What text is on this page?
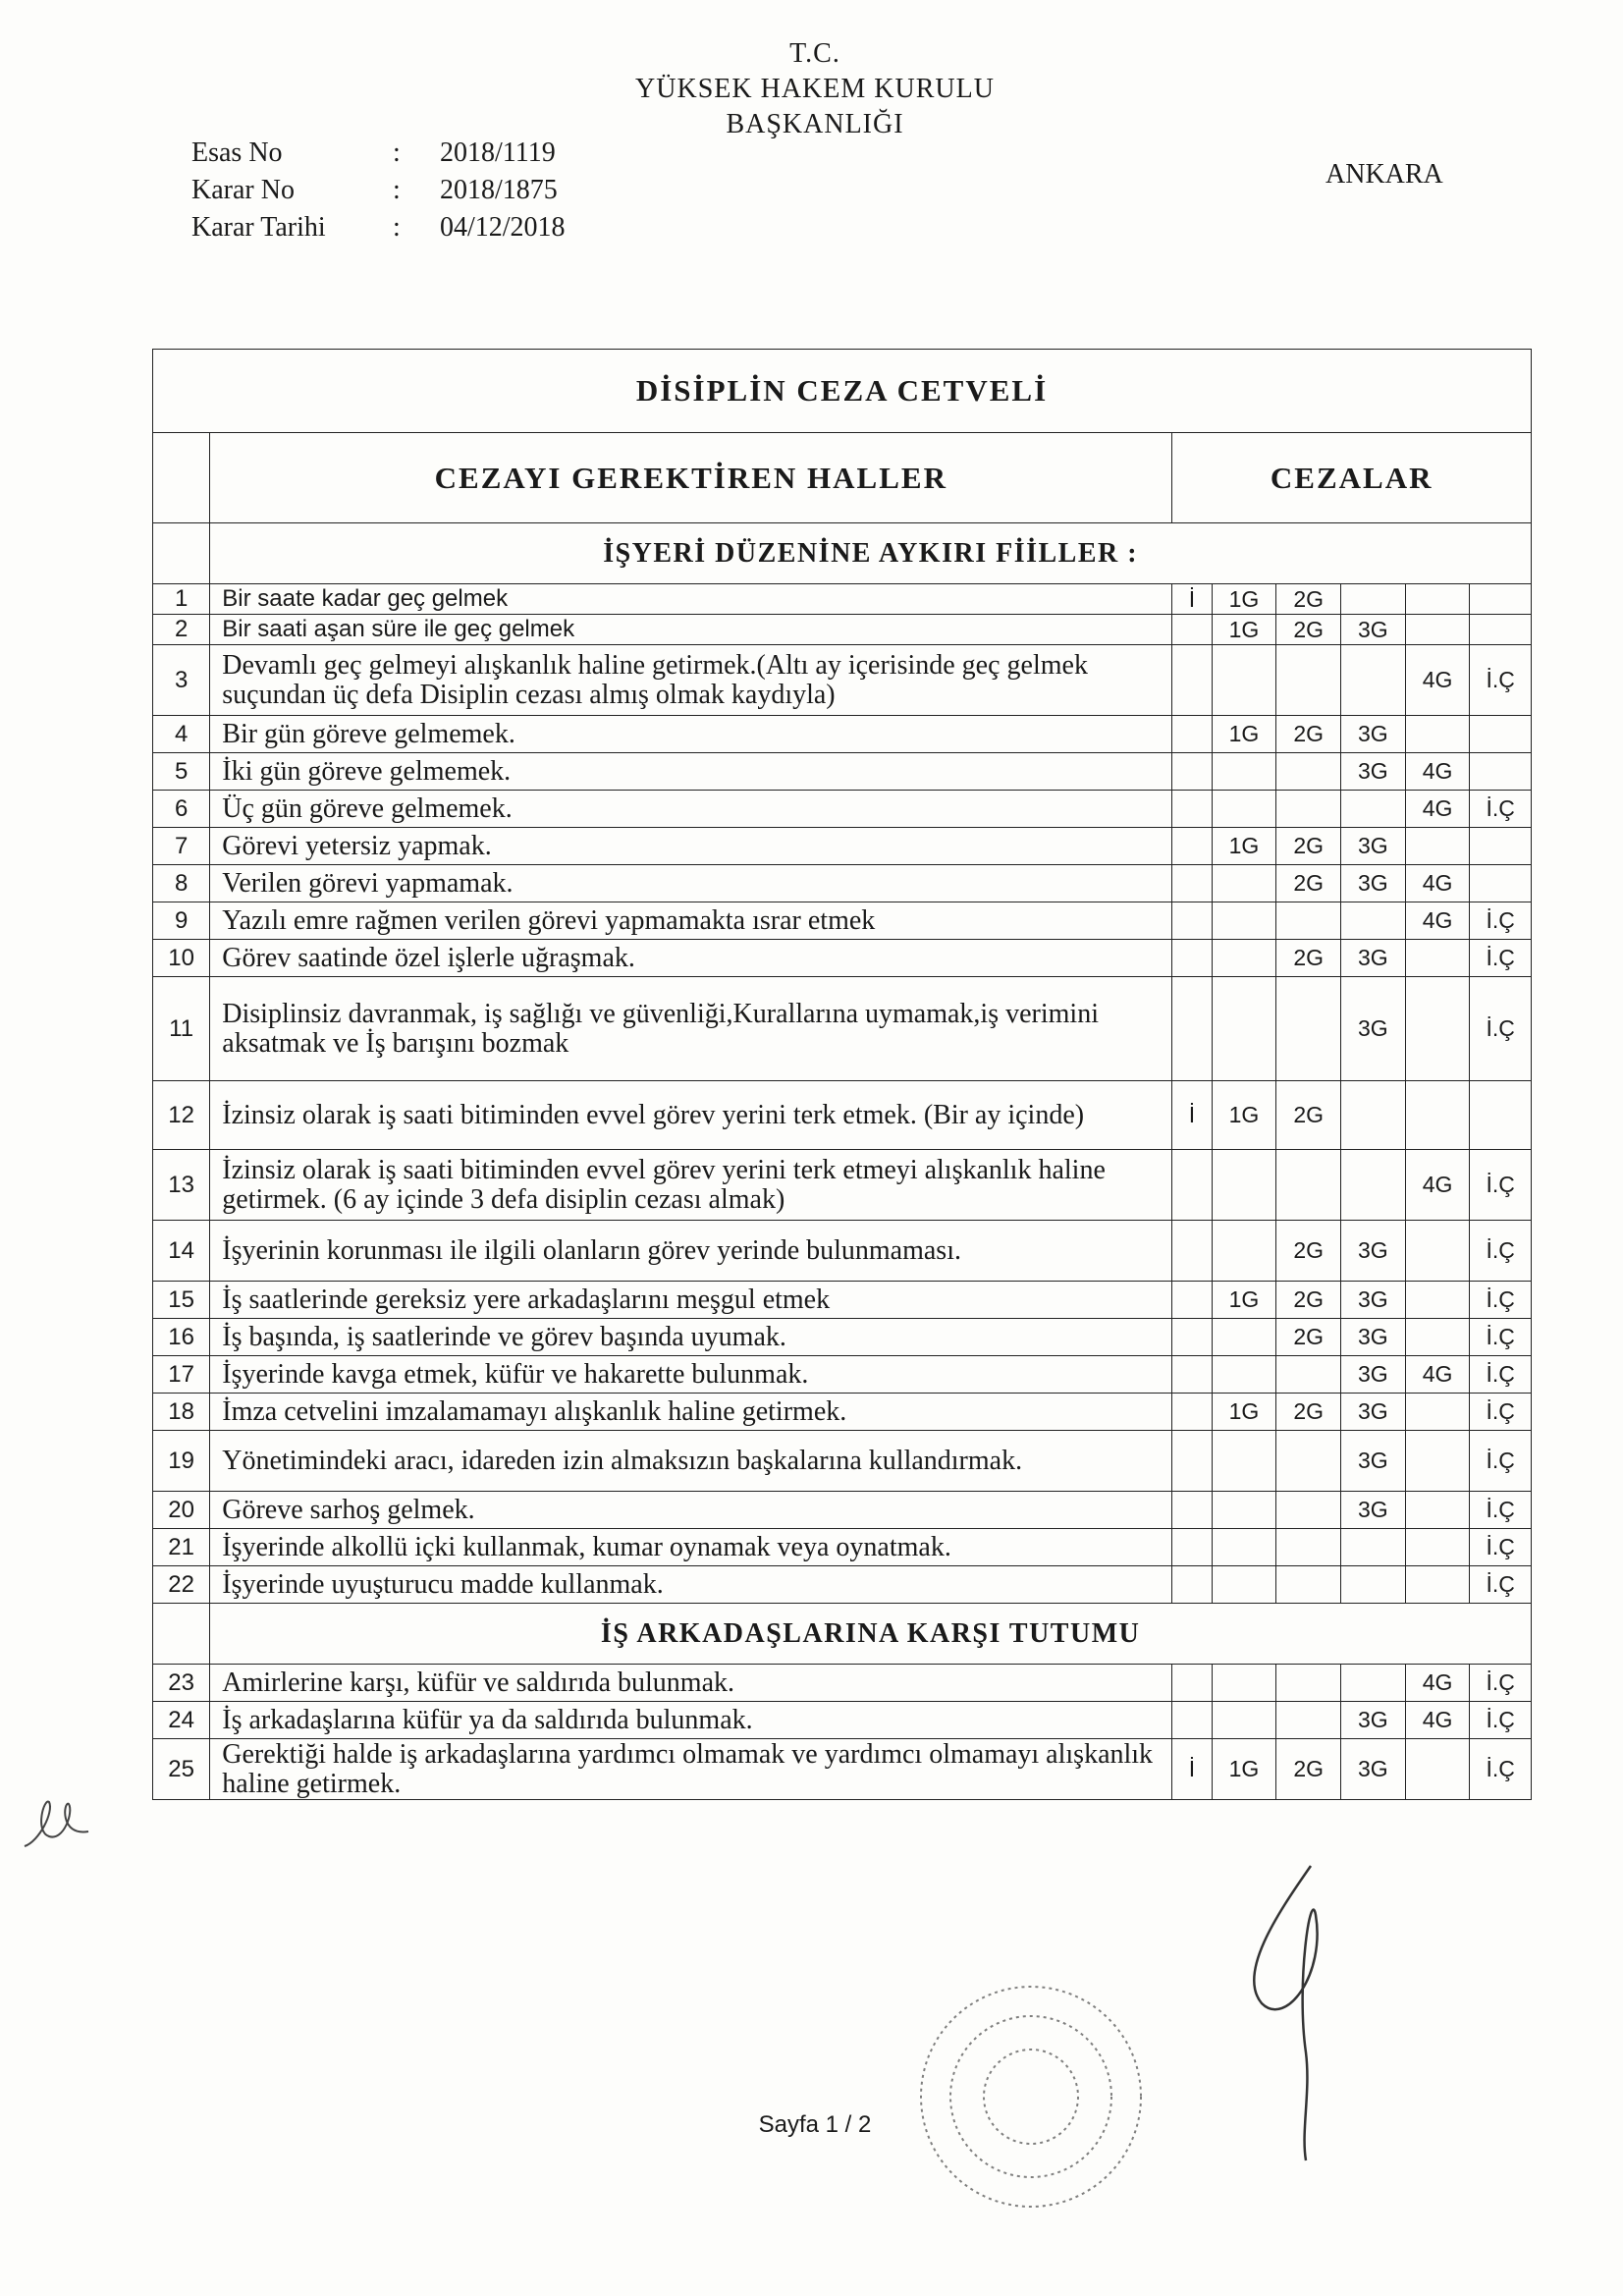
T.C.
YÜKSEK HAKEM KURULU
BAŞKANLIĞI
Esas No	: 2018/1119
Karar No	: 2018/1875
Karar Tarihi : 04/12/2018
ANKARA
DİSİPLİN CEZA CETVELİ							
	CEZAYI GEREKTİREN HALLER	CEZALAR					
	İŞYERİ DÜZENİNE AYKIRI FİİLLER :						
1	Bir saate kadar geç gelmek	İ	1G	2G			
2	Bir saati aşan süre ile geç gelmek		1G	2G	3G		
3	Devamlı geç gelmeyi alışkanlık haline getirmek.(Altı ay içerisinde geç gelmek suçundan üç defa Disiplin cezası almış olmak kaydıyla)					4G	İ.Ç
4	Bir gün göreve gelmemek.		1G	2G	3G		
5	İki gün göreve gelmemek.				3G	4G	
6	Üç gün göreve gelmemek.					4G	İ.Ç
7	Görevi yetersiz yapmak.		1G	2G	3G		
8	Verilen görevi yapmamak.			2G	3G	4G	
9	Yazılı emre rağmen verilen görevi yapmamakta ısrar etmek					4G	İ.Ç
10	Görev saatinde özel işlerle uğraşmak.			2G	3G		İ.Ç
11	Disiplinsiz davranmak, iş sağlığı ve güvenliği,Kurallarına uymamak,iş verimini aksatmak ve İş barışını bozmak				3G		İ.Ç
12	İzinsiz olarak iş saati bitiminden evvel görev yerini terk etmek. (Bir ay içinde)	İ	1G	2G			
13	İzinsiz olarak iş saati bitiminden evvel görev yerini terk etmeyi alışkanlık haline getirmek. (6 ay içinde 3 defa disiplin cezası almak)					4G	İ.Ç
14	İşyerinin korunması ile ilgili olanların görev yerinde bulunmaması.			2G	3G		İ.Ç
15	İş saatlerinde gereksiz yere arkadaşlarını meşgul etmek		1G	2G	3G		İ.Ç
16	İş başında, iş saatlerinde ve görev başında uyumak.			2G	3G		İ.Ç
17	İşyerinde kavga etmek, küfür ve hakarette bulunmak.				3G	4G	İ.Ç
18	İmza cetvelini imzalamamayı alışkanlık haline getirmek.		1G	2G	3G		İ.Ç
19	Yönetimindeki aracı, idareden izin almaksızın başkalarına kullandırmak.				3G		İ.Ç
20	Göreve sarhoş gelmek.				3G		İ.Ç
21	İşyerinde alkollü içki kullanmak, kumar oynamak veya oynatmak.						İ.Ç
22	İşyerinde uyuşturucu madde kullanmak.						İ.Ç
	İŞ ARKADAŞLARINA KARŞI TUTUMU						
23	Amirlerine karşı, küfür ve saldırıda bulunmak.					4G	İ.Ç
24	İş arkadaşlarına küfür ya da saldırıda bulunmak.				3G	4G	İ.Ç
25	Gerektiği halde iş arkadaşlarına yardımcı olmamak ve yardımcı olmamayı alışkanlık haline getirmek.	İ	1G	2G	3G		İ.Ç
Sayfa 1 / 2
